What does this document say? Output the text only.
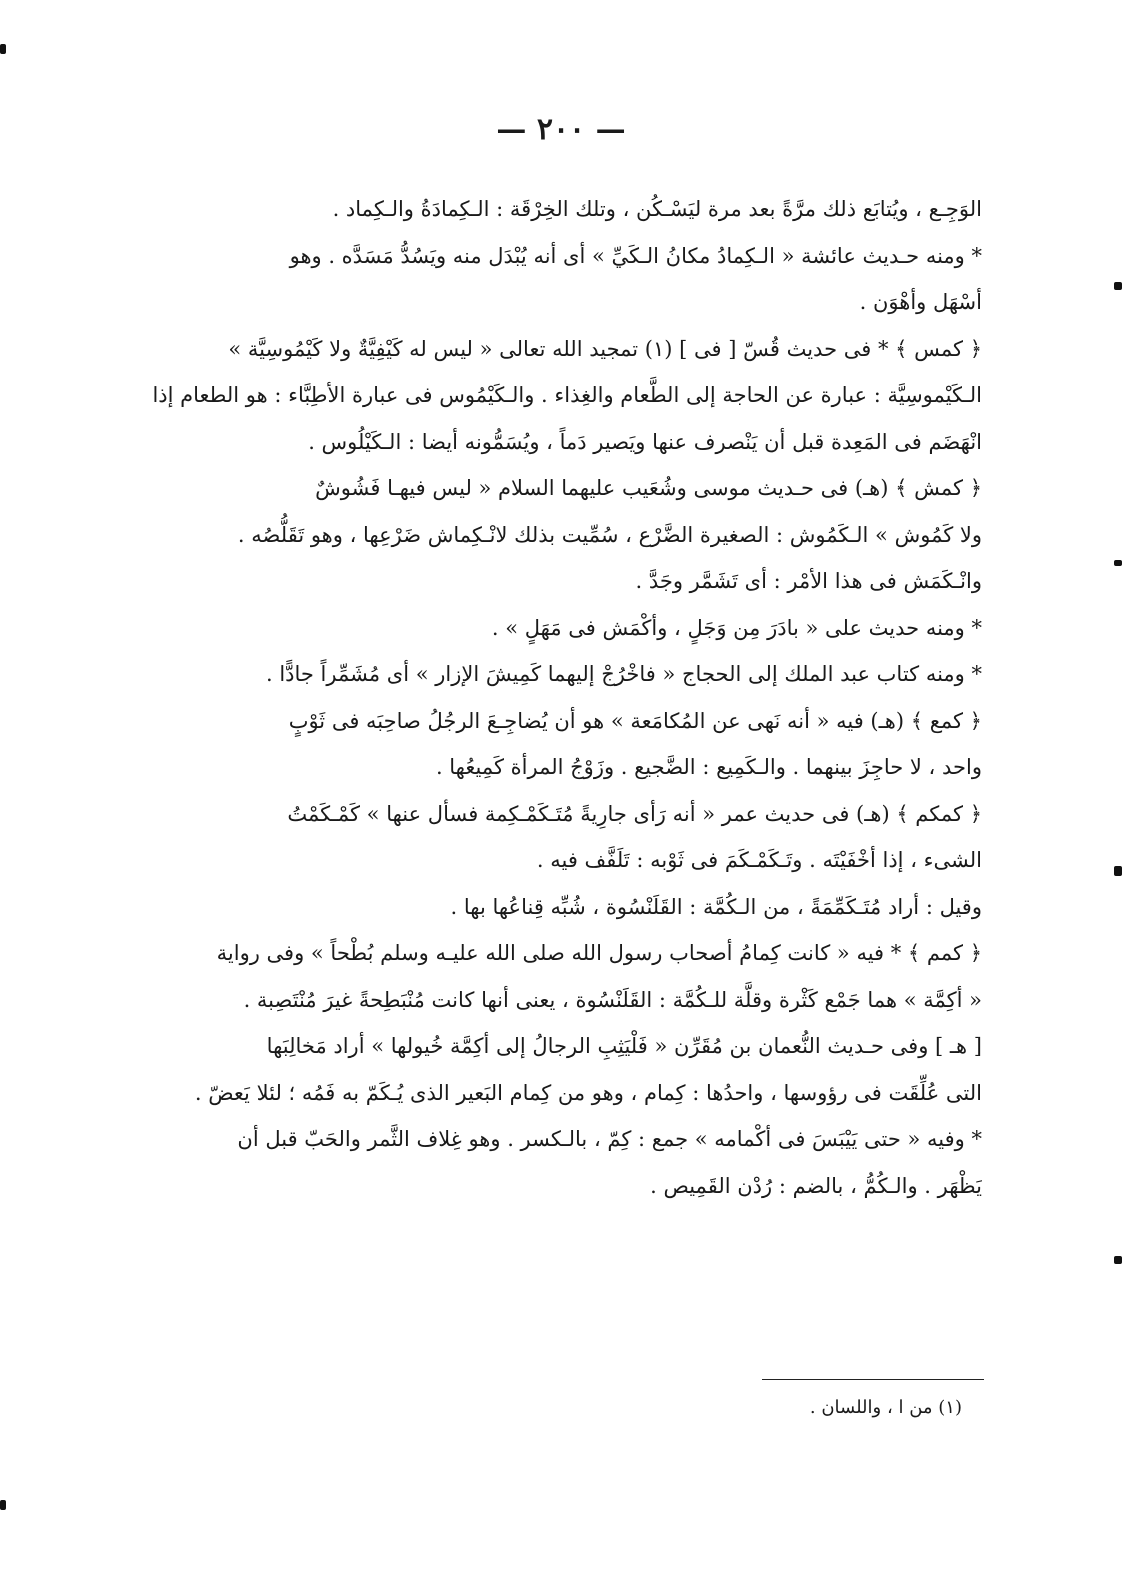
— ٢٠٠ —
الوَجِـع ، ويُتابَع ذلك مرَّةً بعد مرة ليَسْـكُن ، وتلك الخِرْقَة : الـكِمادَةُ والـكِماد .
* ومنه حـديث عائشة « الـكِمادُ مكانُ الـكَيِّ » أى أنه يُبْدَل منه ويَسُدُّ مَسَدَّه . وهو
أسْهَل وأهْوَن .
﴿ كمس ﴾ * فى حديث قُسّ [ فى ] (١) تمجيد الله تعالى « ليس له كَيْفِيَّةٌ ولا كَيْمُوسِيَّة »
الـكَيْموسِيَّة : عبارة عن الحاجة إلى الطَّعام والغِذاء . والـكَيْمُوس فى عبارة الأطِبَّاء : هو الطعام إذا
انْهَضَم فى المَعِدة قبل أن يَنْصرف عنها ويَصير دَماً ، ويُسَمُّونه أيضا : الـكَيْلُوس .
﴿ كمش ﴾ (هـ) فى حـديث موسى وشُعَيب عليهما السلام « ليس فيهـا فَشُوشٌ
ولا كَمُوش » الـكَمُوش : الصغيرة الضَّرْع ، سُمِّيت بذلك لانْـكِماش ضَرْعِها ، وهو تَقَلُّصُه .
وانْـكَمَش فى هذا الأمْر : أى تَشَمَّر وجَدَّ .
* ومنه حديث على « بادَرَ مِن وَجَلٍ ، وأكْمَش فى مَهَلٍ » .
* ومنه كتاب عبد الملك إلى الحجاج « فاخْرُجْ إليهما كَمِيشَ الإزار » أى مُشَمِّراً جادًّا .
﴿ كمع ﴾ (هـ) فيه « أنه نَهى عن المُكامَعة » هو أن يُضاجِـعَ الرجُلُ صاحِبَه فى ثَوْبٍ
واحد ، لا حاجِزَ بينهما . والـكَمِيع : الضَّجيع . وزَوْجُ المرأة كَمِيعُها .
﴿ كمكم ﴾ (هـ) فى حديث عمر « أنه رَأى جارِيةً مُتَـكَمْـكِمة فسأل عنها » كَمْـكَمْتُ
الشىء ، إذا أخْفَيْتَه . وتَـكَمْـكَمَ فى ثَوْبه : تَلَفَّف فيه .
وقيل : أراد مُتَـكَمِّمَةً ، من الـكُمَّة : القَلَنْسُوة ، شُبِّه قِناعُها بها .
﴿ كمم ﴾ * فيه « كانت كِمامُ أصحاب رسول الله صلى الله عليـه وسلم بُطْحاً » وفى رواية
« أكِمَّة » هما جَمْع كَثْرة وقلَّة للـكُمَّة : القَلَنْسُوة ، يعنى أنها كانت مُنْبَطِحةً غيرَ مُنْتَصِبة .
[ هـ ] وفى حـديث النُّعمان بن مُقَرِّن « فَلْيَثِبِ الرجالُ إلى أكِمَّة خُيولها » أراد مَخالِبَها
التى عُلِّقَت فى رؤوسها ، واحدُها : كِمام ، وهو من كِمام البَعير الذى يُـكَمّ به فَمُه ؛ لئلا يَعضّ .
* وفيه « حتى يَيْبَسَ فى أكْمامه » جمع : كِمّ ، بالـكسر . وهو غِلاف الثَّمر والحَبّ قبل أن
يَظْهَر . والـكُمُّ ، بالضم : رُدْن القَمِيص .
(١) من ا ، واللسان .
